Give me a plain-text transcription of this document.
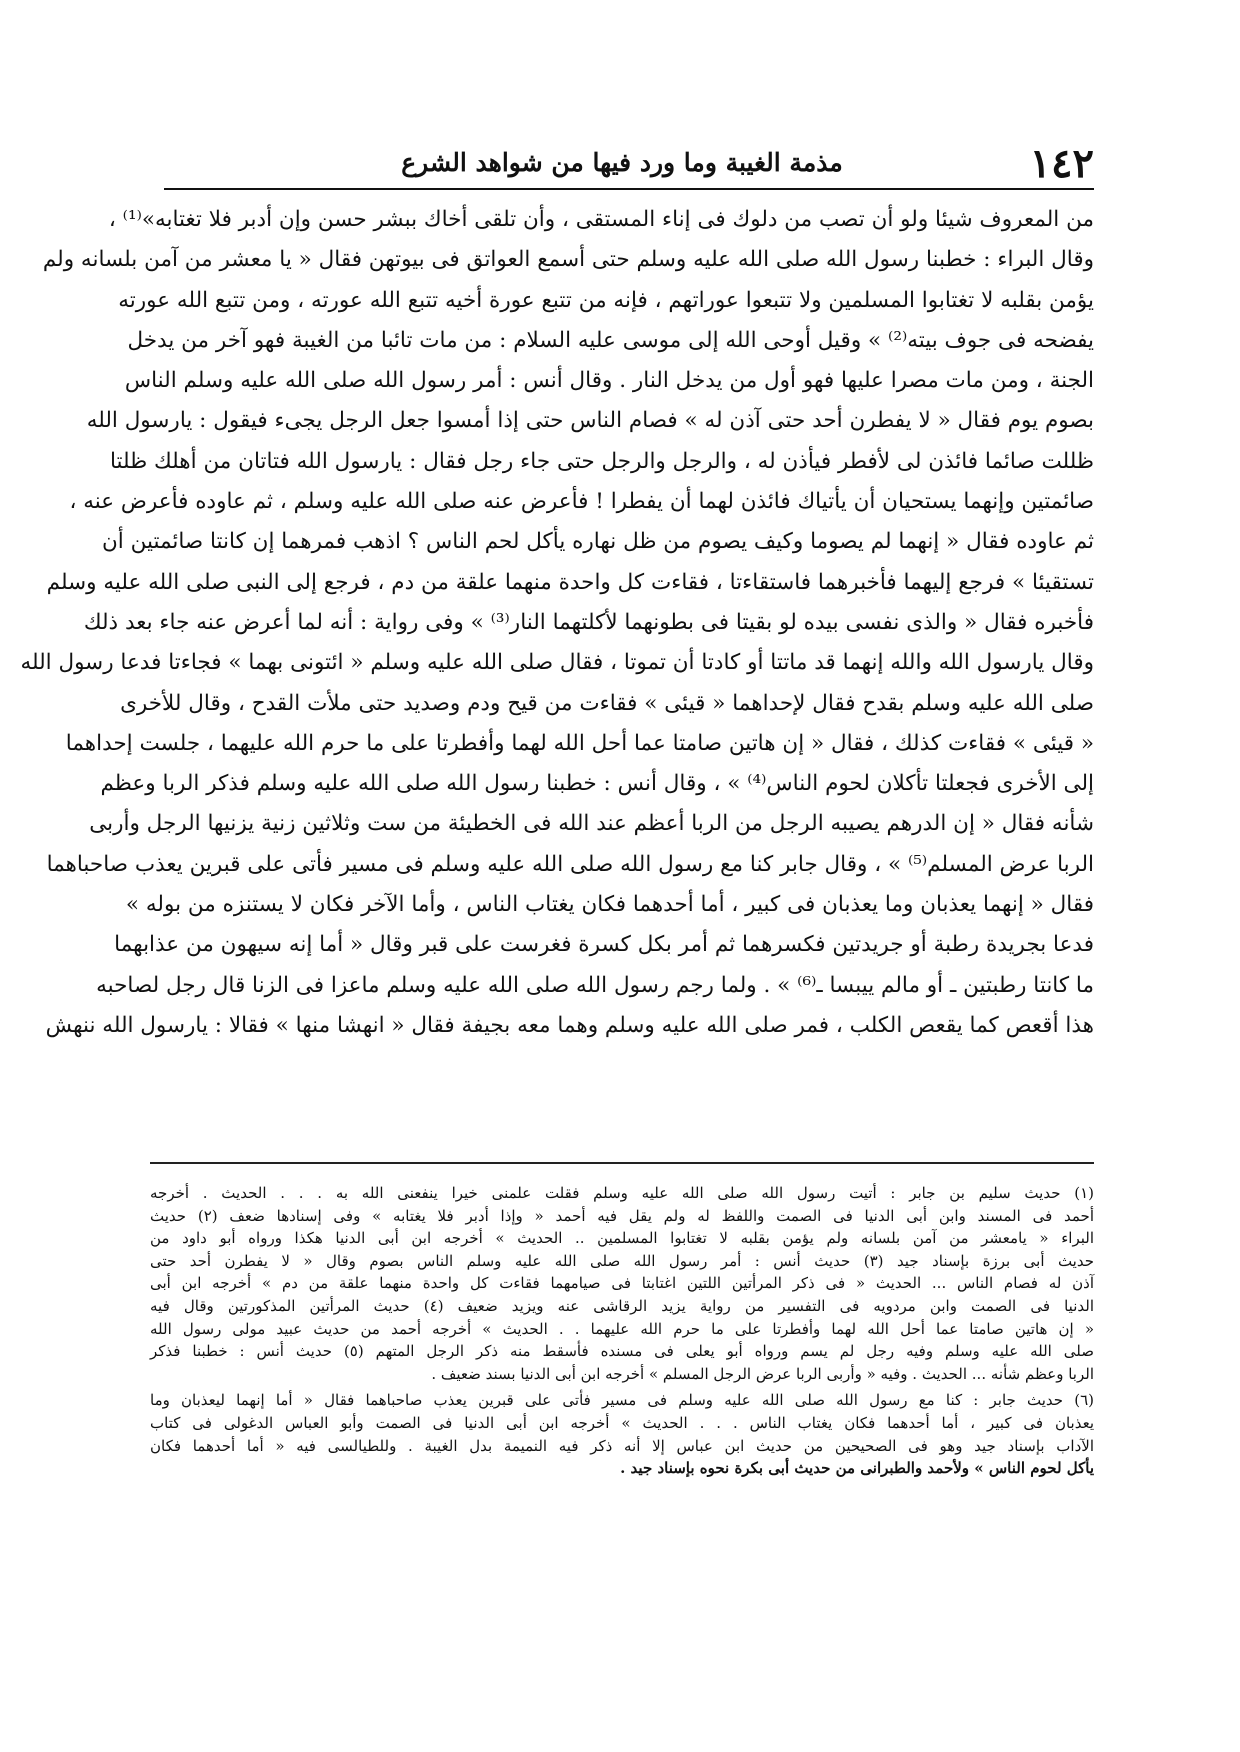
١٤٢
مذمة الغيبة وما ورد فيها من شواهد الشرع
من المعروف شيئا ولو أن تصب من دلوك فى إناء المستقى ، وأن تلقى أخاك ببشر حسن وإن أدبر فلا تغتابه»⁽¹⁾ ،
وقال البراء : خطبنا رسول الله صلى الله عليه وسلم حتى أسمع العواتق فى بيوتهن فقال « يا معشر من آمن بلسانه ولم
يؤمن بقلبه لا تغتابوا المسلمين ولا تتبعوا عوراتهم ، فإنه من تتبع عورة أخيه تتبع الله عورته ، ومن تتبع الله عورته
يفضحه فى جوف بيته⁽²⁾ » وقيل أوحى الله إلى موسى عليه السلام : من مات تائبا من الغيبة فهو آخر من يدخل
الجنة ، ومن مات مصرا عليها فهو أول من يدخل النار . وقال أنس : أمر رسول الله صلى الله عليه وسلم الناس
بصوم يوم فقال « لا يفطرن أحد حتى آذن له » فصام الناس حتى إذا أمسوا جعل الرجل يجىء فيقول : يارسول الله
ظللت صائما فائذن لى لأفطر فيأذن له ، والرجل والرجل حتى جاء رجل فقال : يارسول الله فتاتان من أهلك ظلتا
صائمتين وإنهما يستحيان أن يأتياك فائذن لهما أن يفطرا ! فأعرض عنه صلى الله عليه وسلم ، ثم عاوده فأعرض عنه ،
ثم عاوده فقال « إنهما لم يصوما وكيف يصوم من ظل نهاره يأكل لحم الناس ؟ اذهب فمرهما إن كانتا صائمتين أن
تستقيئا » فرجع إليهما فأخبرهما فاستقاءتا ، فقاءت كل واحدة منهما علقة من دم ، فرجع إلى النبى صلى الله عليه وسلم
فأخبره فقال « والذى نفسى بيده لو بقيتا فى بطونهما لأكلتهما النار⁽³⁾ » وفى رواية : أنه لما أعرض عنه جاء بعد ذلك
وقال يارسول الله والله إنهما قد ماتتا أو كادتا أن تموتا ، فقال صلى الله عليه وسلم « ائتونى بهما » فجاءتا فدعا رسول الله
صلى الله عليه وسلم بقدح فقال لإحداهما « قيئى » فقاءت من قيح ودم وصديد حتى ملأت القدح ، وقال للأخرى
« قيئى » فقاءت كذلك ، فقال « إن هاتين صامتا عما أحل الله لهما وأفطرتا على ما حرم الله عليهما ، جلست إحداهما
إلى الأخرى فجعلتا تأكلان لحوم الناس⁽⁴⁾ » ، وقال أنس : خطبنا رسول الله صلى الله عليه وسلم فذكر الربا وعظم
شأنه فقال « إن الدرهم يصيبه الرجل من الربا أعظم عند الله فى الخطيئة من ست وثلاثين زنية يزنيها الرجل وأربى
الربا عرض المسلم⁽⁵⁾ » ، وقال جابر كنا مع رسول الله صلى الله عليه وسلم فى مسير فأتى على قبرين يعذب صاحباهما
فقال « إنهما يعذبان وما يعذبان فى كبير ، أما أحدهما فكان يغتاب الناس ، وأما الآخر فكان لا يستنزه من بوله »
فدعا بجريدة رطبة أو جريدتين فكسرهما ثم أمر بكل كسرة فغرست على قبر وقال « أما إنه سيهون من عذابهما
ما كانتا رطبتين ـ أو مالم ييبسا ـ⁽⁶⁾ » . ولما رجم رسول الله صلى الله عليه وسلم ماعزا فى الزنا قال رجل لصاحبه
هذا أقعص كما يقعص الكلب ، فمر صلى الله عليه وسلم وهما معه بجيفة فقال « انهشا منها » فقالا : يارسول الله ننهش
(١) حديث سليم بن جابر : أتيت رسول الله صلى الله عليه وسلم فقلت علمنى خيرا ينفعنى الله به . . . الحديث . أخرجه
أحمد فى المسند وابن أبى الدنيا فى الصمت واللفظ له ولم يقل فيه أحمد « وإذا أدبر فلا يغتابه » وفى إسنادها ضعف (٢) حديث
البراء « يامعشر من آمن بلسانه ولم يؤمن بقلبه لا تغتابوا المسلمين .. الحديث » أخرجه ابن أبى الدنيا هكذا ورواه أبو داود من
حديث أبى برزة بإسناد جيد (٣) حديث أنس : أمر رسول الله صلى الله عليه وسلم الناس بصوم وقال « لا يفطرن أحد حتى
آذن له فصام الناس ... الحديث « فى ذكر المرأتين اللتين اغتابتا فى صيامهما فقاءت كل واحدة منهما علقة من دم » أخرجه ابن أبى
الدنيا فى الصمت وابن مردويه فى التفسير من رواية يزيد الرقاشى عنه ويزيد ضعيف (٤) حديث المرأتين المذكورتين وقال فيه
« إن هاتين صامتا عما أحل الله لهما وأفطرتا على ما حرم الله عليهما . . الحديث » أخرجه أحمد من حديث عبيد مولى رسول الله
صلى الله عليه وسلم وفيه رجل لم يسم ورواه أبو يعلى فى مسنده فأسقط منه ذكر الرجل المتهم (٥) حديث أنس : خطبنا فذكر
الربا وعظم شأنه ... الحديث . وفيه « وأربى الربا عرض الرجل المسلم » أخرجه ابن أبى الدنيا بسند ضعيف .
(٦) حديث جابر : كنا مع رسول الله صلى الله عليه وسلم فى مسير فأتى على قبرين يعذب صاحباهما فقال « أما إنهما ليعذبان وما
يعذبان فى كبير ، أما أحدهما فكان يغتاب الناس . . . الحديث » أخرجه ابن أبى الدنيا فى الصمت وأبو العباس الدغولى فى كتاب
الآداب بإسناد جيد وهو فى الصحيحين من حديث ابن عباس إلا أنه ذكر فيه النميمة بدل الغيبة . وللطيالسى فيه « أما أحدهما فكان
يأكل لحوم الناس » ولأحمد والطبرانى من حديث أبى بكرة نحوه بإسناد جيد .
